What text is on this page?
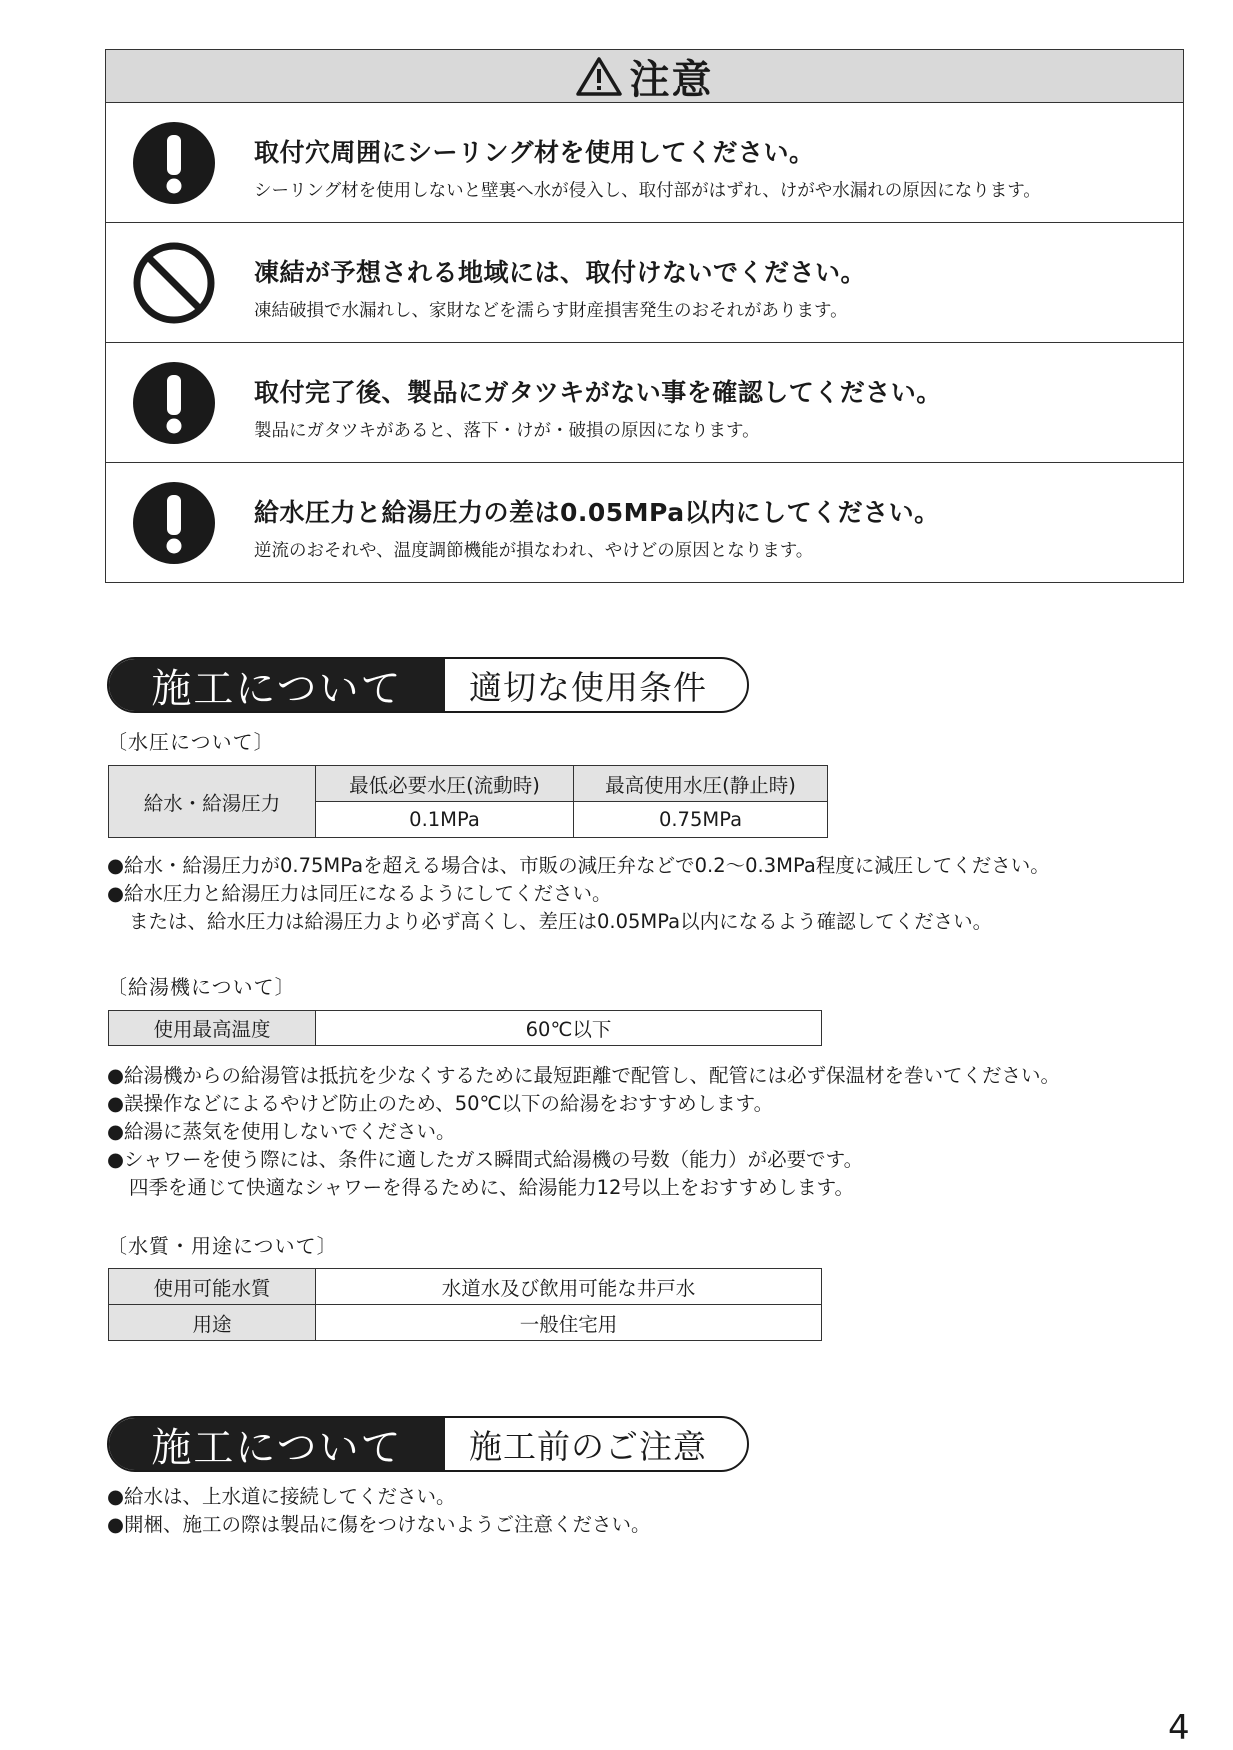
注意
取付穴周囲にシーリング材を使用してください。
シーリング材を使用しないと壁裏へ水が侵入し、取付部がはずれ、けがや水漏れの原因になります。
凍結が予想される地域には、取付けないでください。
凍結破損で水漏れし、家財などを濡らす財産損害発生のおそれがあります。
取付完了後、製品にガタツキがない事を確認してください。
製品にガタツキがあると、落下・けが・破損の原因になります。
給水圧力と給湯圧力の差は0.05MPa以内にしてください。
逆流のおそれや、温度調節機能が損なわれ、やけどの原因となります。
施工について	適切な使用条件
〔水圧について〕
給水・給湯圧力	最低必要水圧(流動時)	最高使用水圧(静止時)
	0.1MPa	0.75MPa
●給水・給湯圧力が0.75MPaを超える場合は、市販の減圧弁などで0.2〜0.3MPa程度に減圧してください。
●給水圧力と給湯圧力は同圧になるようにしてください。
または、給水圧力は給湯圧力より必ず高くし、差圧は0.05MPa以内になるよう確認してください。
〔給湯機について〕
使用最高温度	60℃以下
●給湯機からの給湯管は抵抗を少なくするために最短距離で配管し、配管には必ず保温材を巻いてください。
●誤操作などによるやけど防止のため、50℃以下の給湯をおすすめします。
●給湯に蒸気を使用しないでください。
●シャワーを使う際には、条件に適したガス瞬間式給湯機の号数（能力）が必要です。
四季を通じて快適なシャワーを得るために、給湯能力12号以上をおすすめします。
〔水質・用途について〕
使用可能水質	水道水及び飲用可能な井戸水
用途	一般住宅用
施工について	施工前のご注意
●給水は、上水道に接続してください。
●開梱、施工の際は製品に傷をつけないようご注意ください。
4
